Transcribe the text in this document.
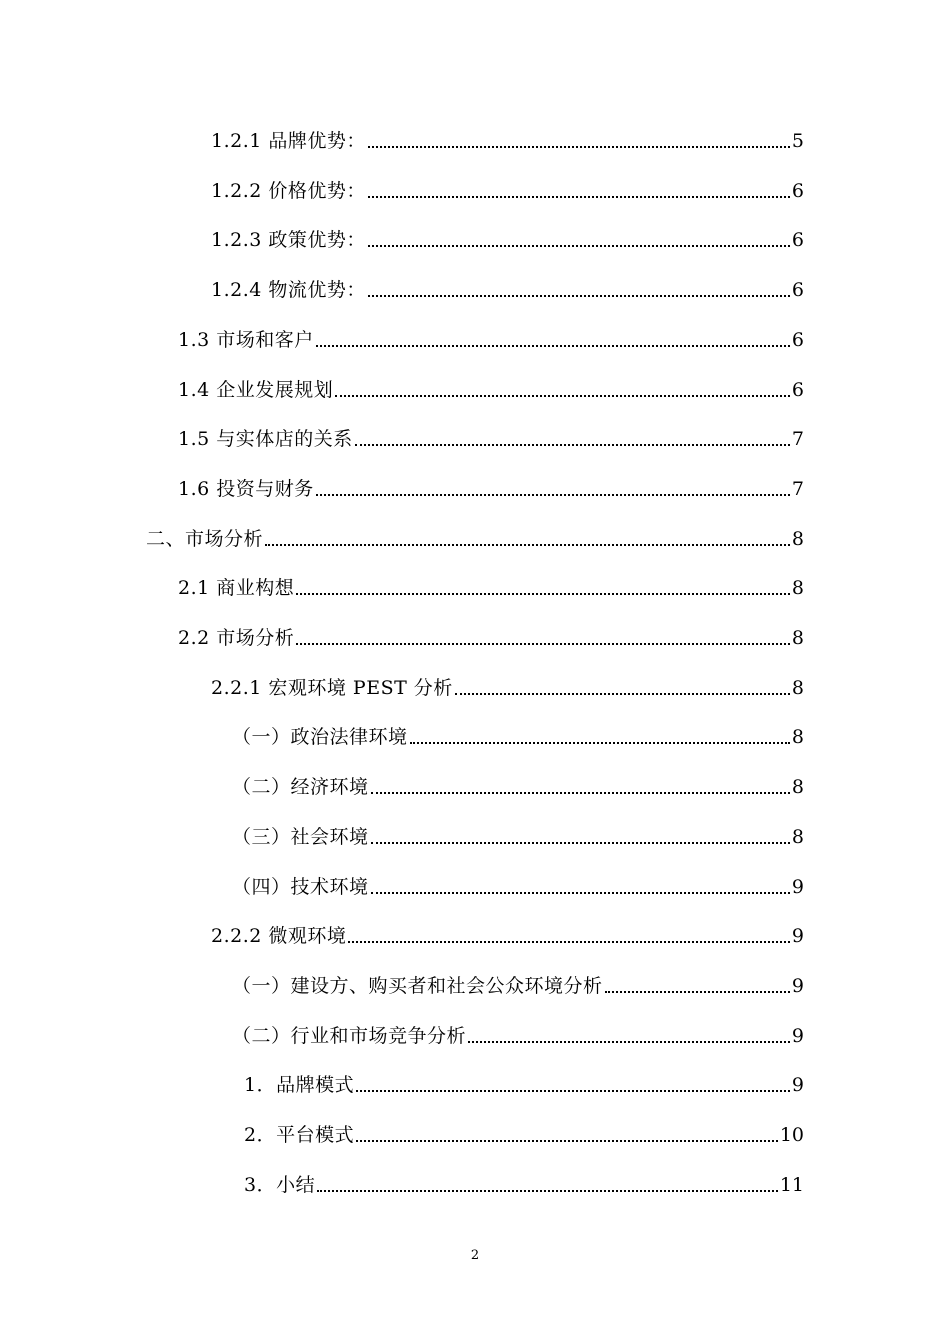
1.2.1 品牌优势：	5
1.2.2 价格优势：	6
1.2.3 政策优势：	6
1.2.4 物流优势：	6
1.3 市场和客户	6
1.4 企业发展规划	6
1.5 与实体店的关系	7
1.6 投资与财务	7
二、市场分析	8
2.1 商业构想	8
2.2 市场分析	8
2.2.1 宏观环境 PEST 分析	8
（一）政治法律环境	8
（二）经济环境	8
（三）社会环境	8
（四）技术环境	9
2.2.2 微观环境	9
（一）建设方、购买者和社会公众环境分析	9
（二）行业和市场竞争分析	9
1．品牌模式	9
2．平台模式	10
3．小结	11
2
